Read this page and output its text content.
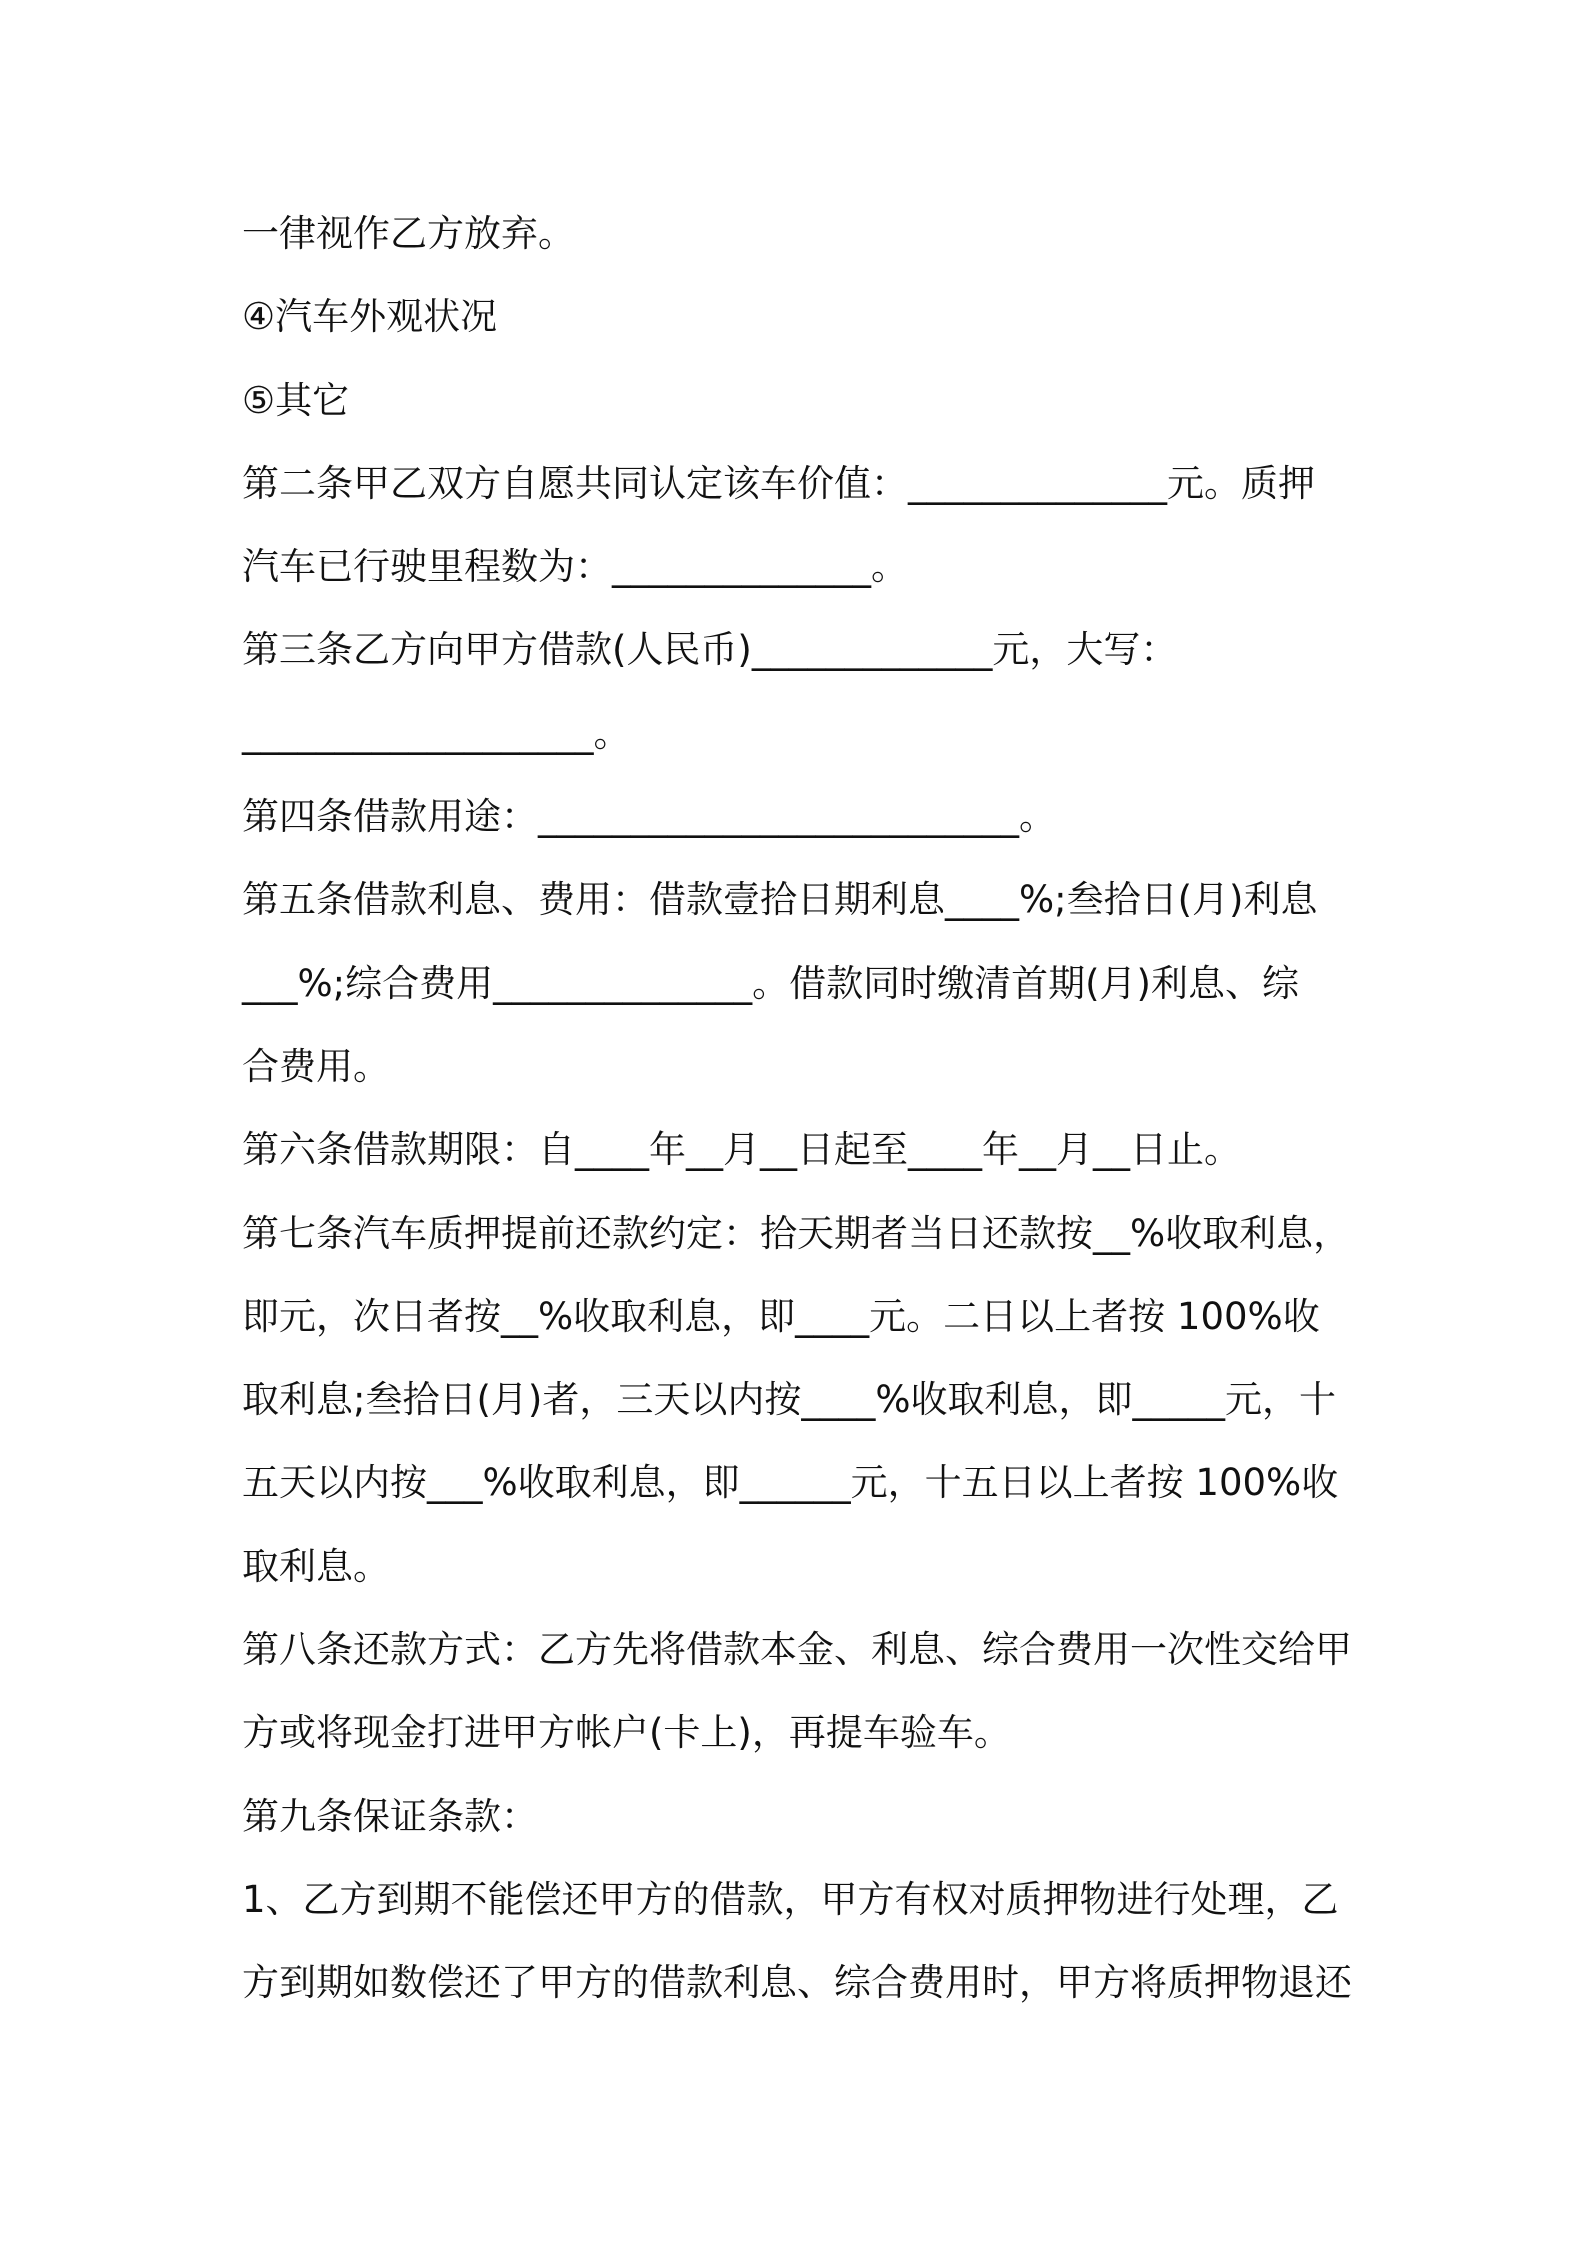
一律视作乙方放弃。
④汽车外观状况
⑤其它
第二条甲乙双方自愿共同认定该车价值：______________元。质押
汽车已行驶里程数为：______________。
第三条乙方向甲方借款(人民币)_____________元，大写：
___________________。
第四条借款用途：__________________________。
第五条借款利息、费用：借款壹拾日期利息____%;叁拾日(月)利息
___%;综合费用______________。借款同时缴清首期(月)利息、综
合费用。
第六条借款期限：自____年__月__日起至____年__月__日止。
第七条汽车质押提前还款约定：拾天期者当日还款按__%收取利息，
即元，次日者按__%收取利息，即____元。二日以上者按 100%收
取利息;叁拾日(月)者，三天以内按____%收取利息，即_____元，十
五天以内按___%收取利息，即______元，十五日以上者按 100%收
取利息。
第八条还款方式：乙方先将借款本金、利息、综合费用一次性交给甲
方或将现金打进甲方帐户(卡上)，再提车验车。
第九条保证条款：
1、乙方到期不能偿还甲方的借款，甲方有权对质押物进行处理，乙
方到期如数偿还了甲方的借款利息、综合费用时，甲方将质押物退还
